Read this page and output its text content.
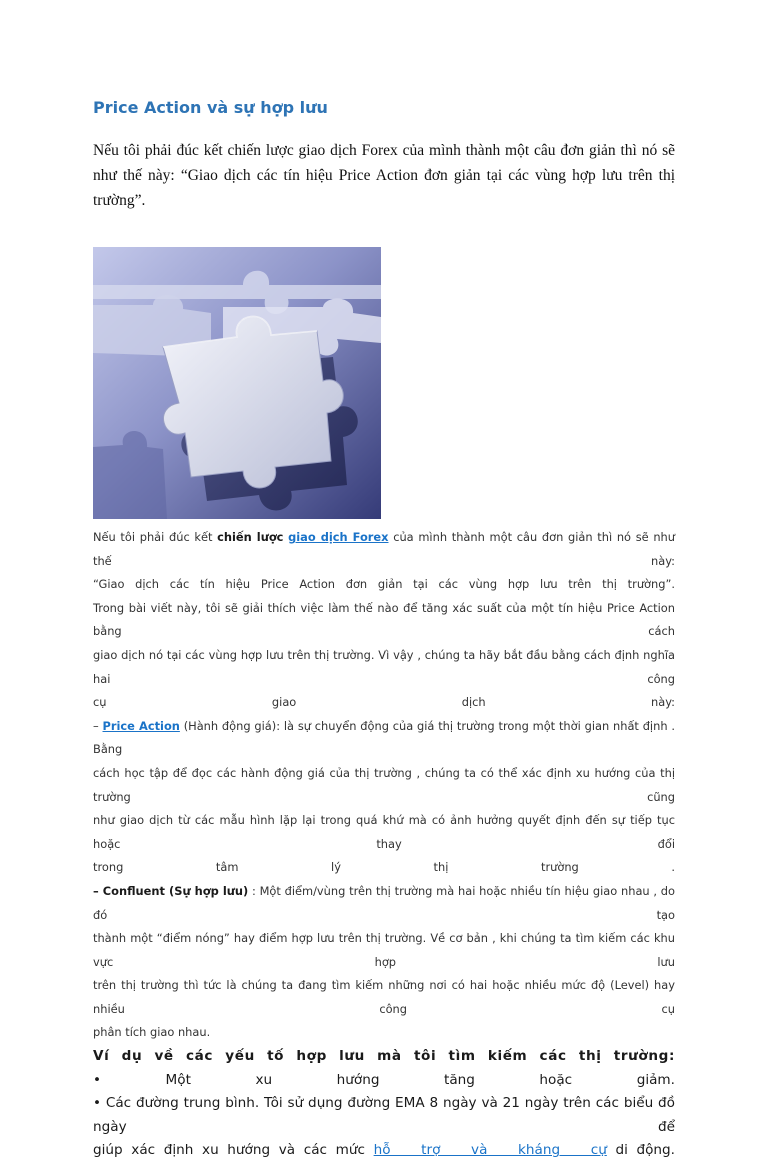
Price Action và sự hợp lưu

Nếu tôi phải đúc kết chiến lược giao dịch Forex của mình thành một câu đơn giản thì nó sẽ như thế này: “Giao dịch các tín hiệu Price Action đơn giản tại các vùng hợp lưu trên thị trường”.

Nếu tôi phải đúc kết chiến lược giao dịch Forex của mình thành một câu đơn giản thì nó sẽ như thế này:

“Giao dịch các tín hiệu Price Action đơn giản tại các vùng hợp lưu trên thị trường”.

Trong bài viết này, tôi sẽ giải thích việc làm thế nào để tăng xác suất của một tín hiệu Price Action bằng cách

giao dịch nó tại các vùng hợp lưu trên thị trường. Vì vậy , chúng ta hãy bắt đầu bằng cách định nghĩa hai công

cụ giao dịch này:

– Price Action (Hành động giá): là sự chuyển động của giá thị trường trong một thời gian nhất định . Bằng

cách học tập để đọc các hành động giá của thị trường , chúng ta có thể xác định xu hướng của thị trường cũng

như giao dịch từ các mẫu hình lặp lại trong quá khứ mà có ảnh hưởng quyết định đến sự tiếp tục hoặc thay đổi

trong tâm lý thị trường .

– Confluent (Sự hợp lưu) : Một điểm/vùng trên thị trường mà hai hoặc nhiều tín hiệu giao nhau , do đó tạo

thành một “điểm nóng” hay điểm hợp lưu trên thị trường. Về cơ bản , khi chúng ta tìm kiếm các khu vực hợp lưu

trên thị trường thì tức là chúng ta đang tìm kiếm những nơi có hai hoặc nhiều mức độ (Level) hay nhiều công cụ

phân tích giao nhau.

Ví dụ về các yếu tố hợp lưu mà tôi tìm kiếm các thị trường:

• Một xu hướng tăng hoặc giảm.

• Các đường trung bình. Tôi sử dụng đường EMA 8 ngày và 21 ngày trên các biểu đồ ngày để

giúp xác định xu hướng và các mức hỗ trợ và kháng cự di động.
